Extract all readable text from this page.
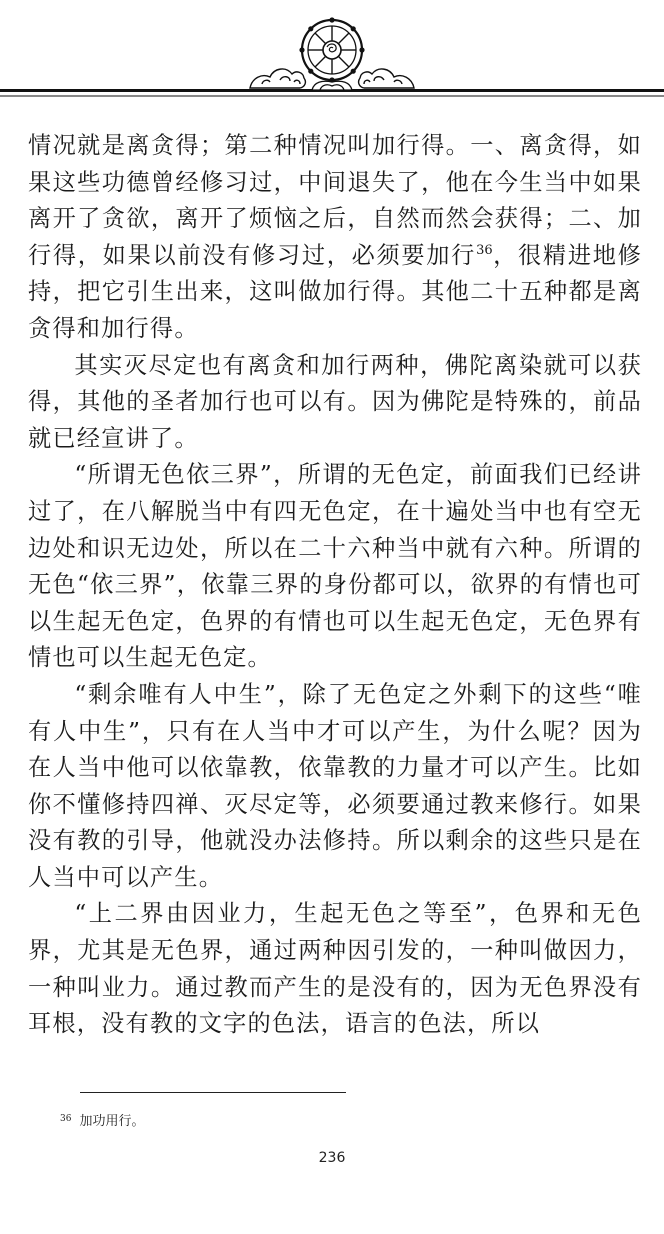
情况就是离贪得；第二种情况叫加行得。一、离贪得，如果这些功德曾经修习过，中间退失了，他在今生当中如果离开了贪欲，离开了烦恼之后，自然而然会获得；二、加行得，如果以前没有修习过，必须要加行$^{36}$，很精进地修持，把它引生出来，这叫做加行得。其他二十五种都是离贪得和加行得。

其实灭尽定也有离贪和加行两种，佛陀离染就可以获得，其他的圣者加行也可以有。因为佛陀是特殊的，前品就已经宣讲了。

“所谓无色依三界”，所谓的无色定，前面我们已经讲过了，在八解脱当中有四无色定，在十遍处当中也有空无边处和识无边处，所以在二十六种当中就有六种。所谓的无色“依三界”，依靠三界的身份都可以，欲界的有情也可以生起无色定，色界的有情也可以生起无色定，无色界有情也可以生起无色定。

“剩余唯有人中生”，除了无色定之外剩下的这些“唯有人中生”，只有在人当中才可以产生，为什么呢？因为在人当中他可以依靠教，依靠教的力量才可以产生。比如你不懂修持四禅、灭尽定等，必须要通过教来修行。如果没有教的引导，他就没办法修持。所以剩余的这些只是在人当中可以产生。

“上二界由因业力，生起无色之等至”，色界和无色界，尤其是无色界，通过两种因引发的，一种叫做因力，一种叫业力。通过教而产生的是没有的，因为无色界没有耳根，没有教的文字的色法，语言的色法，所以

$^{36}$ 加功用行。
236
